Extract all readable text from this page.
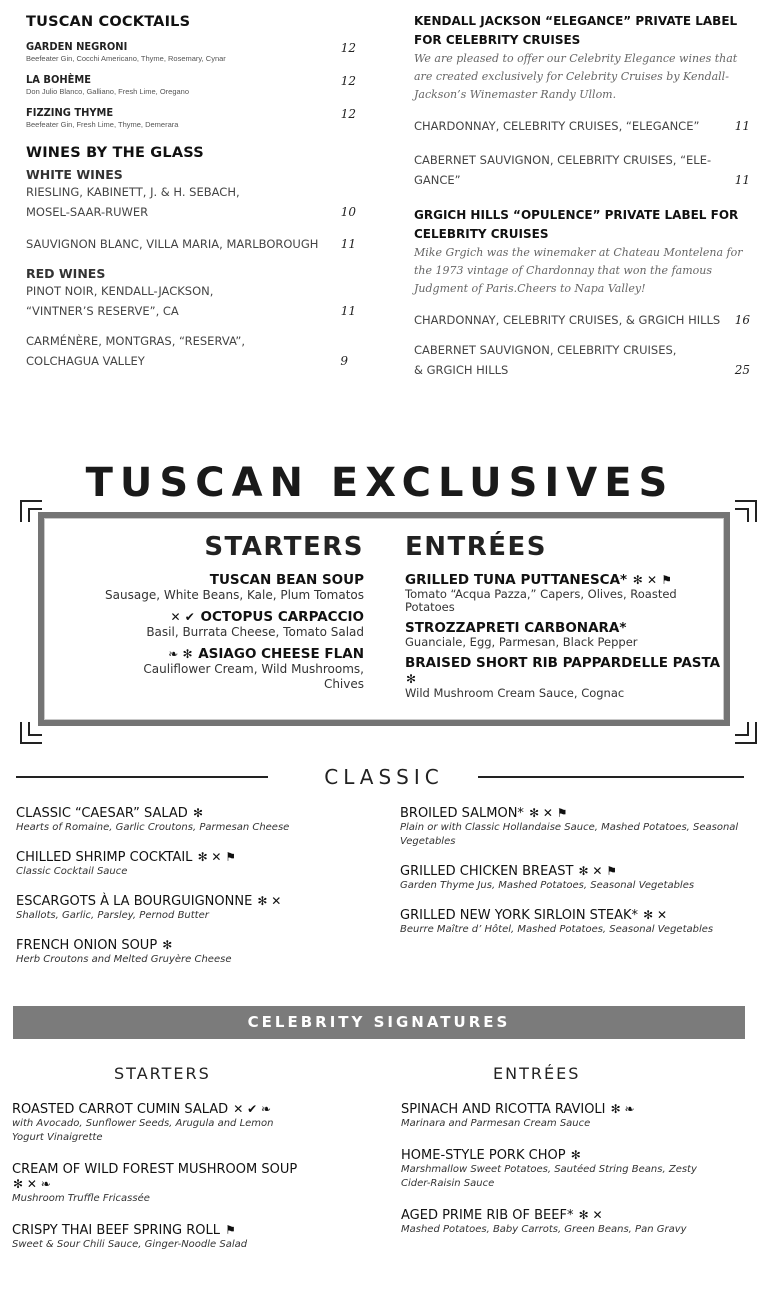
TUSCAN COCKTAILS
GARDEN NEGRONI
Beefeater Gin, Cocchi Americano, Thyme, Rosemary, Cynar
12
LA BOHÈME
Don Julio Blanco, Galliano, Fresh Lime, Oregano
12
FIZZING THYME
Beefeater Gin, Fresh Lime, Thyme, Demerara
12
WINES BY THE GLASS
WHITE WINES
RIESLING, KABINETT, J. & H. SEBACH,
MOSEL-SAAR-RUWER	10
SAUVIGNON BLANC, VILLA MARIA, MARLBOROUGH 11
RED WINES
PINOT NOIR, KENDALL-JACKSON,
“VINTNER’S RESERVE”, CA	11
CARMÉNÈRE, MONTGRAS, “RESERVA”,
COLCHAGUA VALLEY	9
KENDALL JACKSON “ELEGANCE” PRIVATE LABEL FOR CELEBRITY CRUISES
We are pleased to offer our Celebrity Elegance wines that are created exclusively for Celebrity Cruises by Kendall-Jackson’s Winemaster Randy Ullom.
CHARDONNAY, CELEBRITY CRUISES, “ELEGANCE”	11
CABERNET SAUVIGNON, CELEBRITY CRUISES, “ELE-
GANCE”	11
GRGICH HILLS “OPULENCE” PRIVATE LABEL FOR CELEBRITY CRUISES
Mike Grgich was the winemaker at Chateau Montelena for the 1973 vintage of Chardonnay that won the famous Judgment of Paris.Cheers to Napa Valley!
CHARDONNAY, CELEBRITY CRUISES, & GRGICH HILLS 16
CABERNET SAUVIGNON, CELEBRITY CRUISES,
& GRGICH HILLS	25
TUSCAN EXCLUSIVES
STARTERS
TUSCAN BEAN SOUP
Sausage, White Beans, Kale, Plum Tomatos
✕ ✔ OCTOPUS CARPACCIO
Basil, Burrata Cheese, Tomato Salad
❧ ✻ ASIAGO CHEESE FLAN
Cauliflower Cream, Wild Mushrooms, Chives
ENTRÉES
GRILLED TUNA PUTTANESCA* ✻ ✕ ⚑
Tomato “Acqua Pazza,” Capers, Olives, Roasted Potatoes
STROZZAPRETI CARBONARA*
Guanciale, Egg, Parmesan, Black Pepper
BRAISED SHORT RIB PAPPARDELLE PASTA ✻
Wild Mushroom Cream Sauce, Cognac
CLASSIC
CLASSIC “CAESAR” SALAD ✻
Hearts of Romaine, Garlic Croutons, Parmesan Cheese
CHILLED SHRIMP COCKTAIL ✻ ✕ ⚑
Classic Cocktail Sauce
ESCARGOTS À LA BOURGUIGNONNE ✻ ✕
Shallots, Garlic, Parsley, Pernod Butter
FRENCH ONION SOUP ✻
Herb Croutons and Melted Gruyère Cheese
BROILED SALMON* ✻ ✕ ⚑
Plain or with Classic Hollandaise Sauce, Mashed Potatoes, Seasonal Vegetables
GRILLED CHICKEN BREAST ✻ ✕ ⚑
Garden Thyme Jus, Mashed Potatoes, Seasonal Vegetables
GRILLED NEW YORK SIRLOIN STEAK* ✻ ✕
Beurre Maître d’ Hôtel, Mashed Potatoes, Seasonal Vegetables
CELEBRITY SIGNATURES
STARTERS	ENTRÉES
ROASTED CARROT CUMIN SALAD ✕ ✔ ❧
with Avocado, Sunflower Seeds, Arugula and Lemon Yogurt Vinaigrette
CREAM OF WILD FOREST MUSHROOM SOUP ✻ ✕ ❧
Mushroom Truffle Fricassée
CRISPY THAI BEEF SPRING ROLL ⚑
Sweet & Sour Chili Sauce, Ginger-Noodle Salad
SPINACH AND RICOTTA RAVIOLI ✻ ❧
Marinara and Parmesan Cream Sauce
HOME-STYLE PORK CHOP ✻
Marshmallow Sweet Potatoes, Sautéed String Beans, Zesty Cider-Raisin Sauce
AGED PRIME RIB OF BEEF* ✻ ✕
Mashed Potatoes, Baby Carrots, Green Beans, Pan Gravy
